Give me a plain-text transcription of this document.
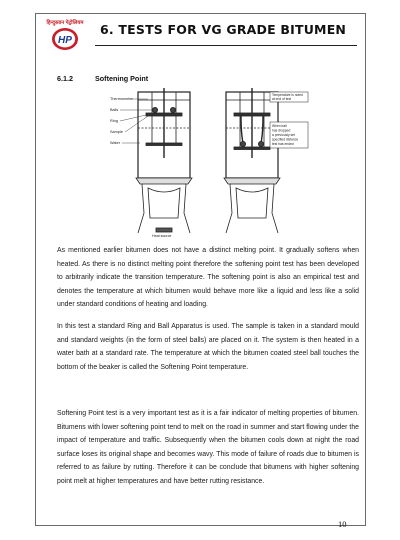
हिन्दुस्तान पेट्रोलियम
HP
6. TESTS FOR VG GRADE BITUMEN
6.1.2	Softening Point
Thermometer
Balls
Ring
Sample
Water
Heat source
Temperature is noted
at end of test
When ball
has dropped
a previously set
specified distance
test has ended

As mentioned earlier bitumen does not have a distinct melting point. It gradually softens when heated. As there is no distinct melting point therefore the softening point test has been developed to arbitrarily indicate the transition temperature. The softening point is also an empirical test and denotes the temperature at which bitumen would behave more like a liquid and less like a solid under standard conditions of heating and loading.

In this test a standard Ring and Ball Apparatus is used. The sample is taken in a standard mould and standard weights (in the form of steel balls) are placed on it. The system is then heated in a water bath at a standard rate. The temperature at which the bitumen coated steel ball touches the bottom of the beaker is called the Softening Point temperature.

Softening Point test is a very important test as it is a fair indicator of melting properties of bitumen. Bitumens with lower softening point tend to melt on the road in summer and start flowing under the impact of temperature and traffic. Subsequently when the bitumen cools down at night the road surface loses its original shape and becomes wavy. This mode of failure of roads due to bitumen is referred to as failure by rutting. Therefore it can be conclude that bitumens with higher softening point melt at higher temperatures and have better rutting resistance.

10
